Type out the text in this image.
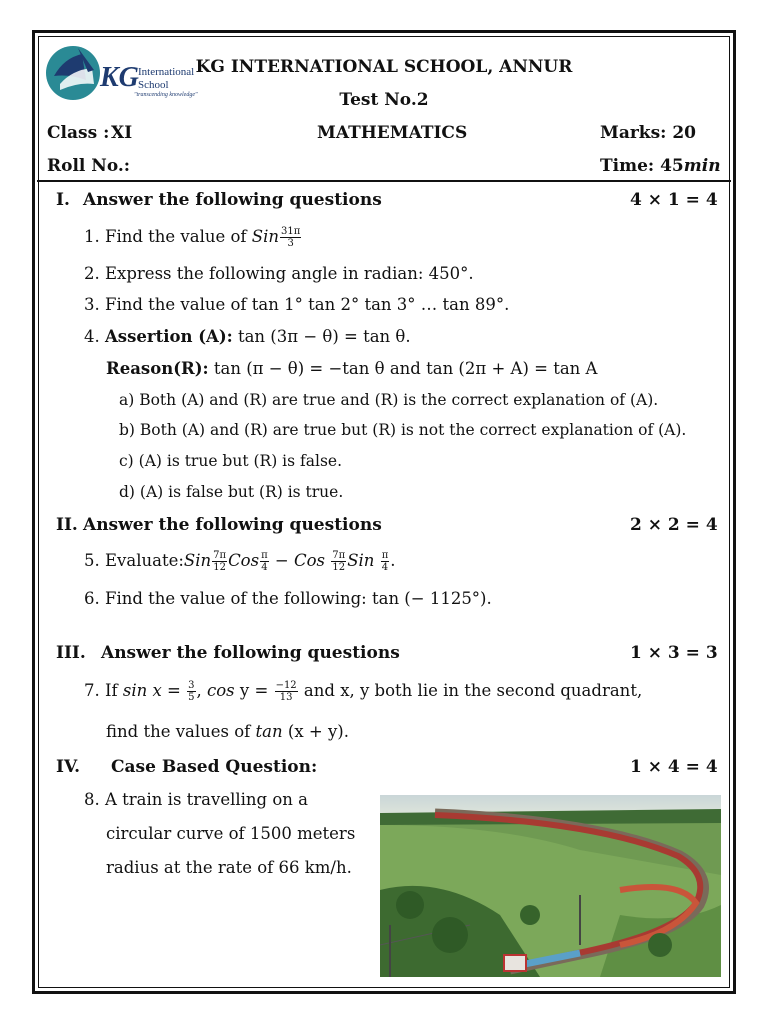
KG International
School
"transcending knowledge"
KG INTERNATIONAL SCHOOL, ANNUR
Test No.2
Class : XI	MATHEMATICS	Marks: 20
Roll No.:	Time: 45min
I. Answer the following questions	4 × 1 = 4
1. Find the value of Sin $\frac{31\pi}{3}$
2. Express the following angle in radian: 450°.
3. Find the value of tan 1° tan 2° tan 3° … tan 89°.
4. Assertion (A): tan (3π − θ) = tan θ.
Reason(R): tan (π − θ) = −tan θ and tan (2π + A) = tan A
a) Both (A) and (R) are true and (R) is the correct explanation of (A).
b) Both (A) and (R) are true but (R) is not the correct explanation of (A).
c) (A) is true but (R) is false.
d) (A) is false but (R) is true.
II. Answer the following questions	2 × 2 = 4
5. Evaluate:Sin $\frac{7\pi}{12}$ Cos $\frac{\pi}{4}$ − Cos $\frac{7\pi}{12}$ Sin $\frac{\pi}{4}$ .
6. Find the value of the following: tan (− 1125°).
III. Answer the following questions	1 × 3 = 3
7. If $\sin x = \frac{3}{5}$ , $\cos y = \frac{-12}{13}$ and x, y both lie in the second quadrant,
find the values of tan (x + y).
IV. Case Based Question:	1 × 4 = 4
8. A train is travelling on a
circular curve of 1500 meters
radius at the rate of 66 km/h.
